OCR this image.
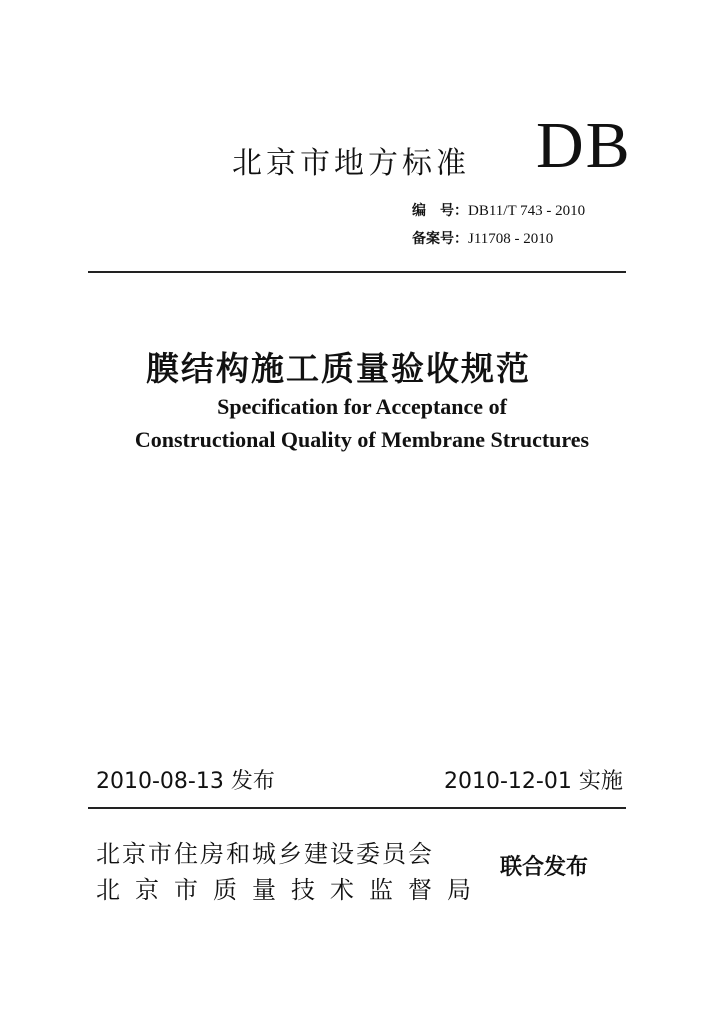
北京市地方标准 DB
编　号：DB11/T 743 - 2010
备案号：J11708 - 2010
膜结构施工质量验收规范
Specification for Acceptance of
Constructional Quality of Membrane Structures
2010-08-13 发布	2010-12-01 实施
北京市住房和城乡建设委员会
北京市质量技术监督局
联合发布
